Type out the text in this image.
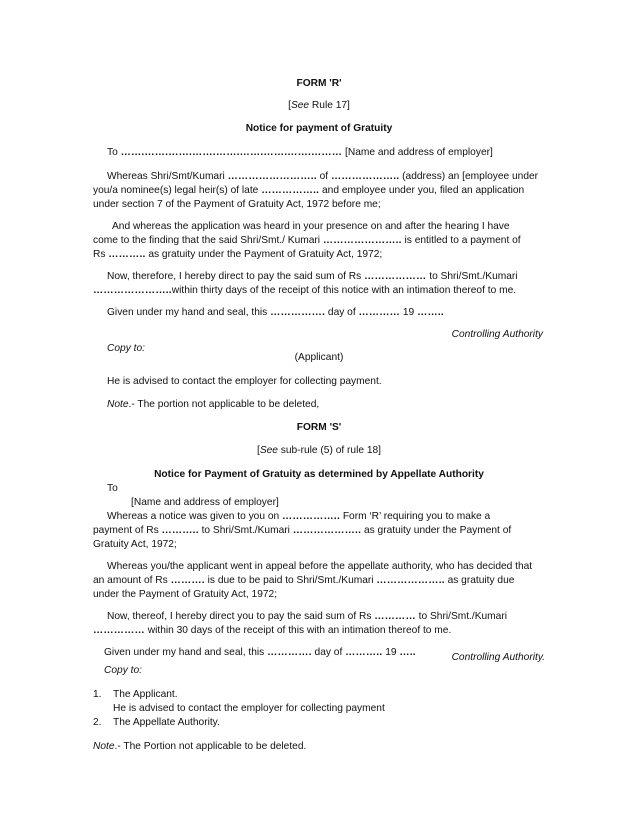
FORM 'R'
[See Rule 17]
Notice for payment of Gratuity
To …….…….…….…….…….…….…….…….……… [Name and address of employer]
Whereas Shri/Smt/Kumari …………………….. of ……………….. (address) an [employee under
you/a nominee(s) legal heir(s) of late …………….. and employee under you, filed an application
under section 7 of the Payment of Gratuity Act, 1972 before me;
And whereas the application was heard in your presence on and after the hearing I have
come to the finding that the said Shri/Smt./ Kumari ………………….. is entitled to a payment of
Rs ……….. as gratuity under the Payment of Gratuity Act, 1972;
Now, therefore, I hereby direct to pay the said sum of Rs ……………… to Shri/Smt./Kumari
…………………..within thirty days of the receipt of this notice with an intimation thereof to me.
Given under my hand and seal, this ……………. day of ………… 19 ……..
Controlling Authority
Copy to:
(Applicant)
He is advised to contact the employer for collecting payment.
Note.- The portion not applicable to be deleted,
FORM 'S'
[See sub-rule (5) of rule 18]
Notice for Payment of Gratuity as determined by Appellate Authority
To
[Name and address of employer]
Whereas a notice was given to you on …………….. Form ‘R’ requiring you to make a
payment of Rs ……….. to Shri/Smt./Kumari ……………….. as gratuity under the Payment of
Gratuity Act, 1972;
Whereas you/the applicant went in appeal before the appellate authority, who has decided that
an amount of Rs ………. is due to be paid to Shri/Smt./Kumari ……………….. as gratuity due
under the Payment of Gratuity Act, 1972;
Now, thereof, I hereby direct you to pay the said sum of Rs ………… to Shri/Smt./Kumari
…………… within 30 days of the receipt of this with an intimation thereof to me.
Given under my hand and seal, this …………. day of ……….. 19 …..	Controlling Authority.
Copy to:
1. The Applicant.
He is advised to contact the employer for collecting payment
2. The Appellate Authority.
Note.- The Portion not applicable to be deleted.
